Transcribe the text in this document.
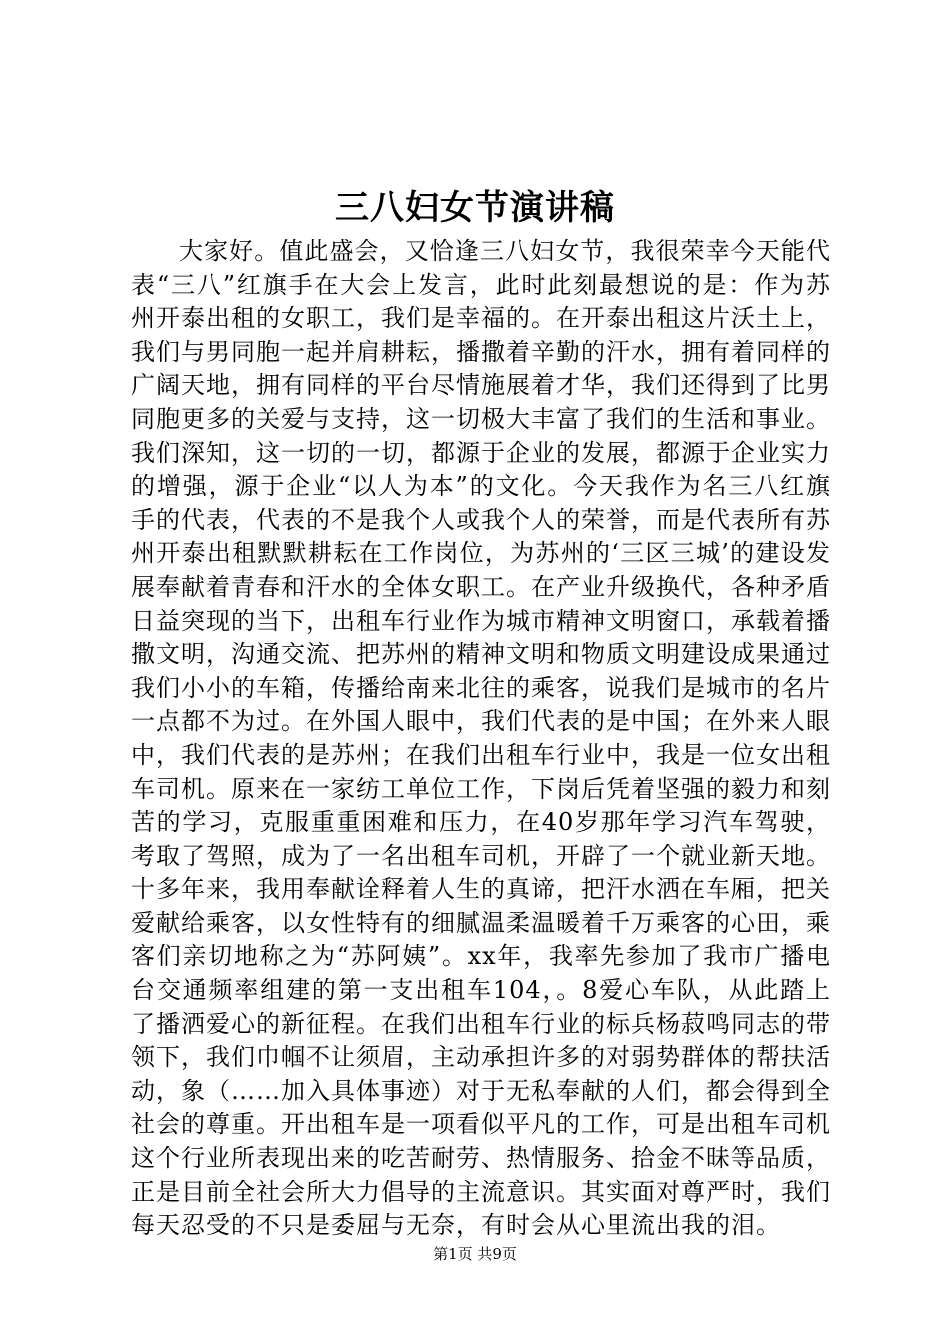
三八妇女节演讲稿

大家好。值此盛会，又恰逢三八妇女节，我很荣幸今天能代表“三八”红旗手在大会上发言，此时此刻最想说的是：作为苏州开泰出租的女职工，我们是幸福的。在开泰出租这片沃土上，我们与男同胞一起并肩耕耘，播撒着辛勤的汗水，拥有着同样的广阔天地，拥有同样的平台尽情施展着才华，我们还得到了比男同胞更多的关爱与支持，这一切极大丰富了我们的生活和事业。我们深知，这一切的一切，都源于企业的发展，都源于企业实力的增强，源于企业“以人为本”的文化。今天我作为名三八红旗手的代表，代表的不是我个人或我个人的荣誉，而是代表所有苏州开泰出租默默耕耘在工作岗位，为苏州的‘三区三城’的建设发展奉献着青春和汗水的全体女职工。在产业升级换代，各种矛盾日益突现的当下，出租车行业作为城市精神文明窗口，承载着播撒文明，沟通交流、把苏州的精神文明和物质文明建设成果通过我们小小的车箱，传播给南来北往的乘客，说我们是城市的名片一点都不为过。在外国人眼中，我们代表的是中国；在外来人眼中，我们代表的是苏州；在我们出租车行业中，我是一位女出租车司机。原来在一家纺工单位工作，下岗后凭着坚强的毅力和刻苦的学习，克服重重困难和压力，在40岁那年学习汽车驾驶，考取了驾照，成为了一名出租车司机，开辟了一个就业新天地。十多年来，我用奉献诠释着人生的真谛，把汗水洒在车厢，把关爱献给乘客，以女性特有的细腻温柔温暖着千万乘客的心田，乘客们亲切地称之为“苏阿姨”。xx年，我率先参加了我市广播电台交通频率组建的第一支出租车104，。8爱心车队，从此踏上了播洒爱心的新征程。在我们出租车行业的标兵杨菽鸣同志的带领下，我们巾帼不让须眉，主动承担许多的对弱势群体的帮扶活动，象（……加入具体事迹）对于无私奉献的人们，都会得到全社会的尊重。开出租车是一项看似平凡的工作，可是出租车司机这个行业所表现出来的吃苦耐劳、热情服务、拾金不昧等品质，正是目前全社会所大力倡导的主流意识。其实面对尊严时，我们每天忍受的不只是委屈与无奈，有时会从心里流出我的泪。

第1页 共9页
